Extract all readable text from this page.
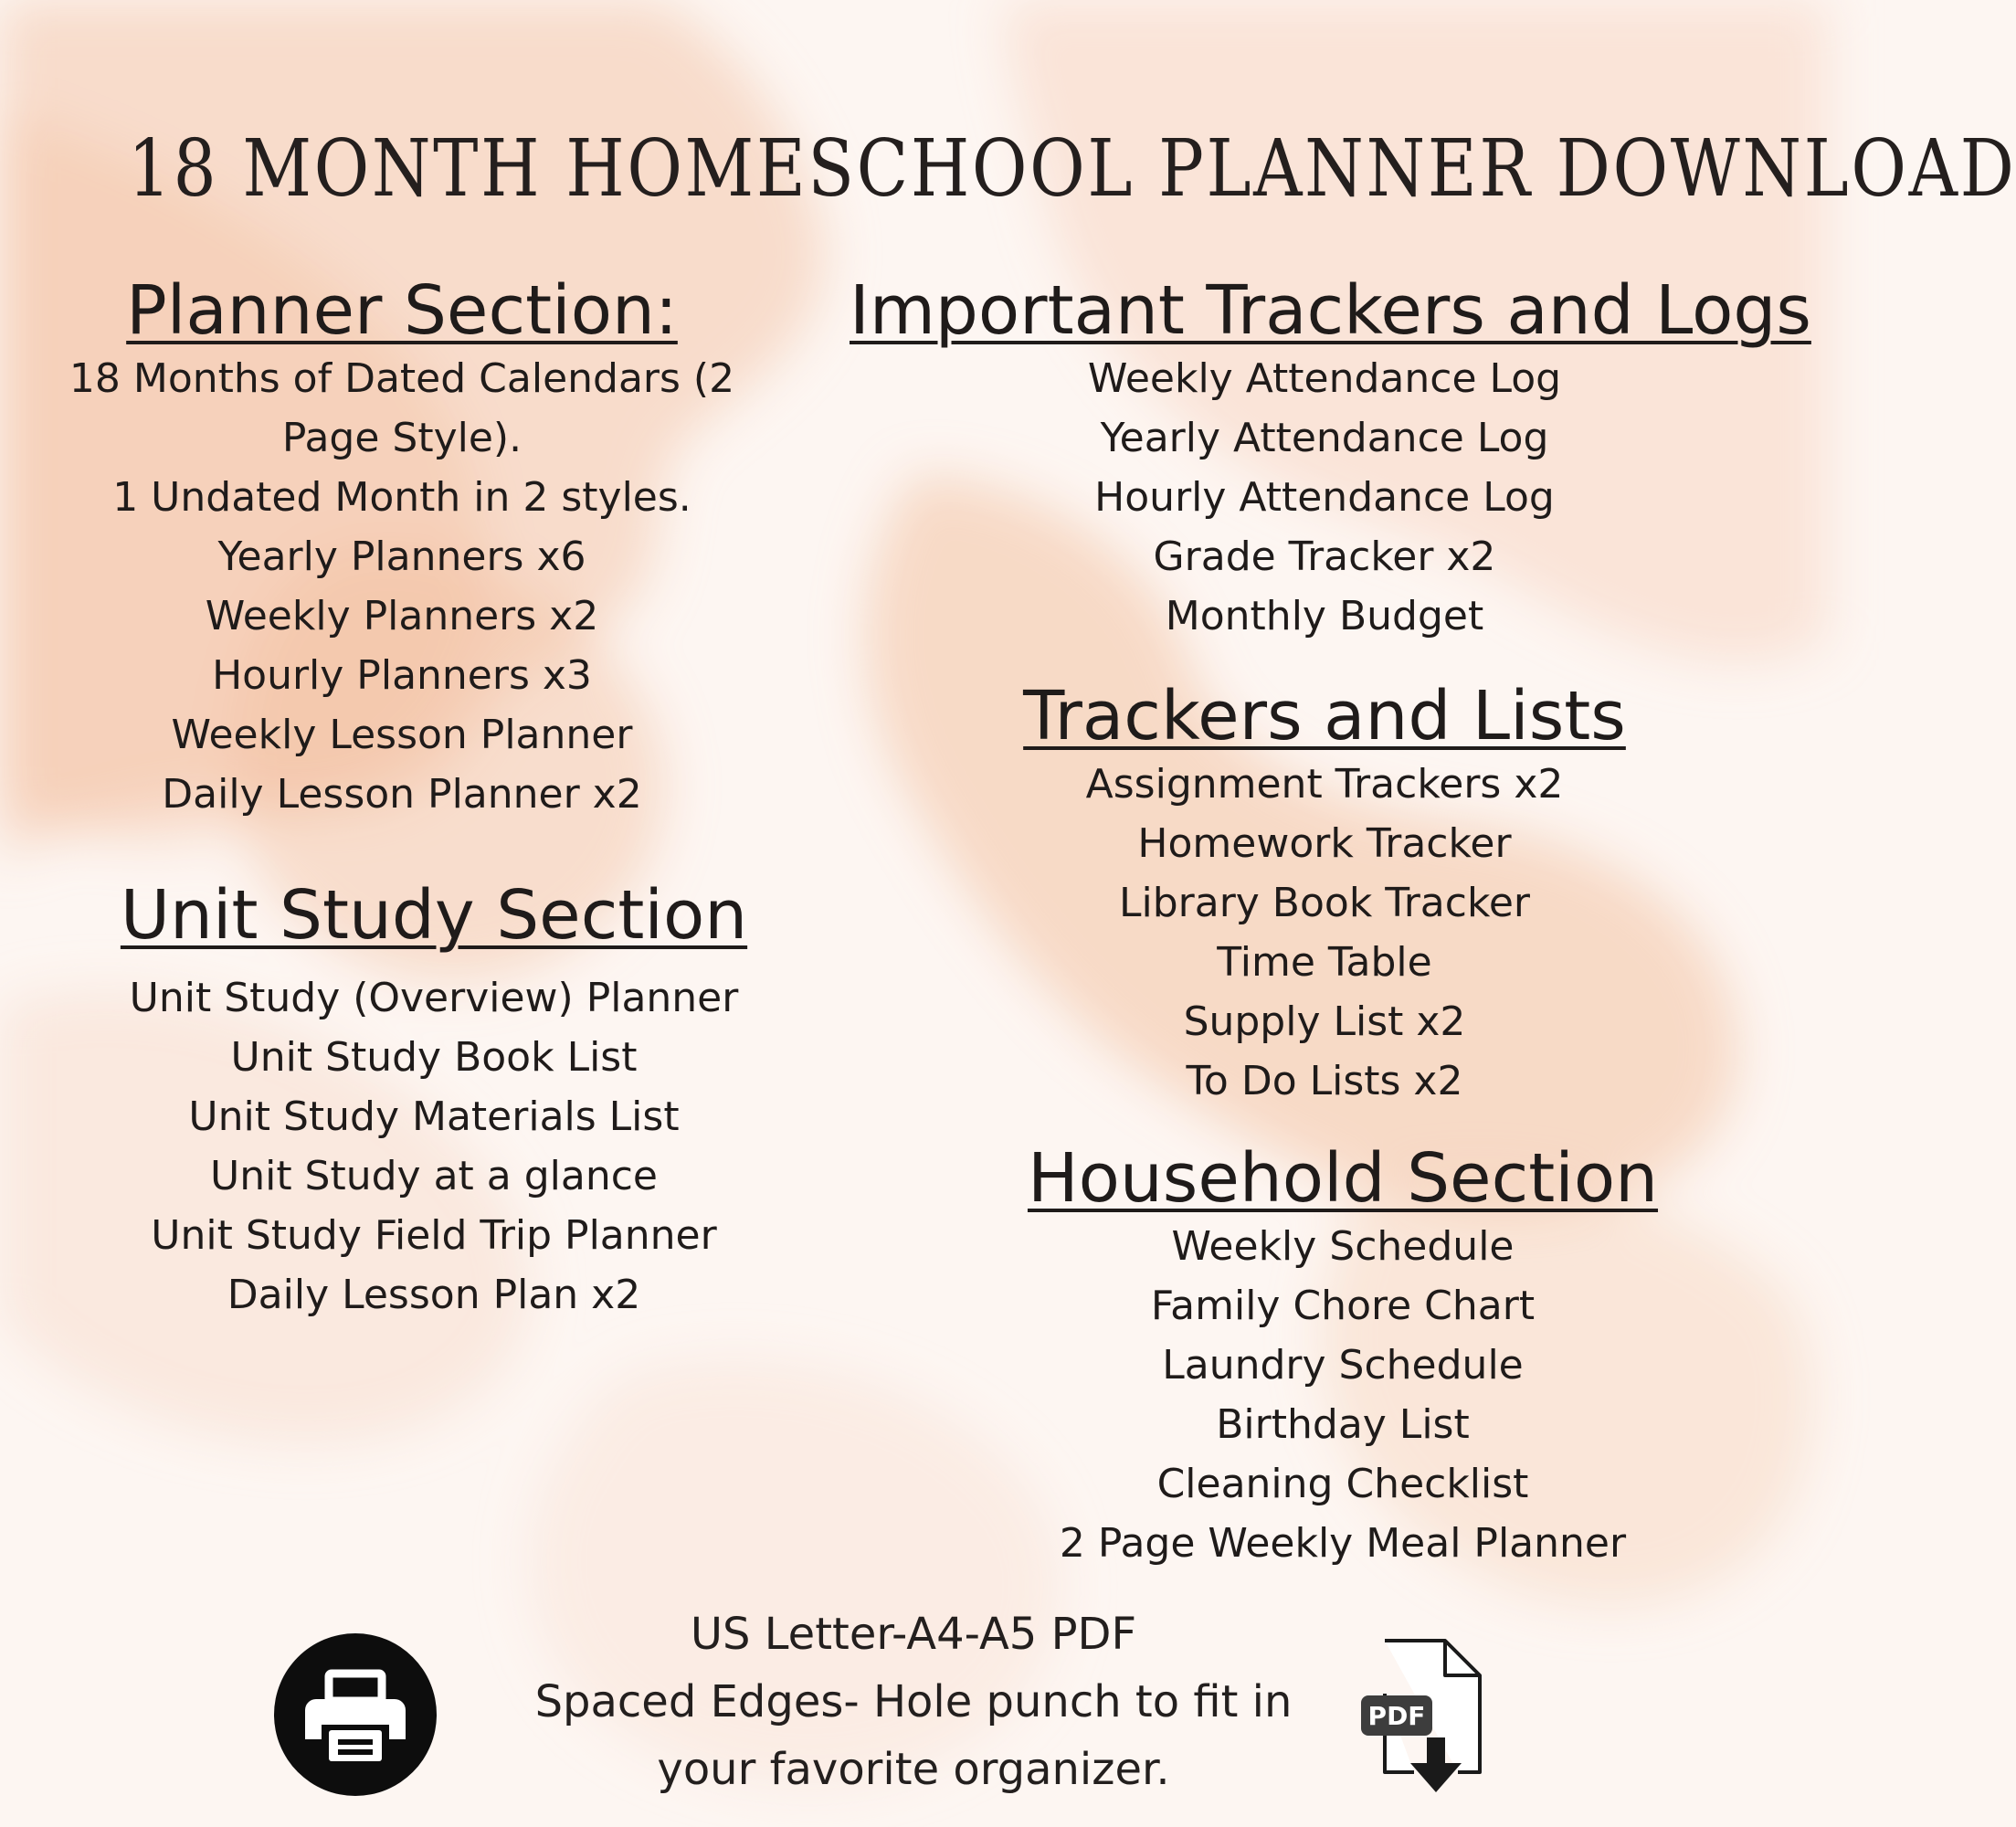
18 MONTH HOMESCHOOL PLANNER DOWNLOAD
Planner Section:
18 Months of Dated Calendars (2 Page Style).
1 Undated Month in 2 styles.
Yearly Planners x6
Weekly Planners x2
Hourly Planners x3
Weekly Lesson Planner
Daily Lesson Planner x2
Unit Study Section
Unit Study (Overview) Planner
Unit Study Book List
Unit Study Materials List
Unit Study at a glance
Unit Study Field Trip Planner
Daily Lesson Plan x2
Important Trackers and Logs
Weekly Attendance Log
Yearly Attendance Log
Hourly Attendance Log
Grade Tracker x2
Monthly Budget
Trackers and Lists
Assignment Trackers x2
Homework Tracker
Library Book Tracker
Time Table
Supply List x2
To Do Lists x2
Household Section
Weekly Schedule
Family Chore Chart
Laundry Schedule
Birthday List
Cleaning Checklist
2 Page Weekly Meal Planner
US Letter-A4-A5 PDF
Spaced Edges- Hole punch to fit in
your favorite organizer.
PDF
